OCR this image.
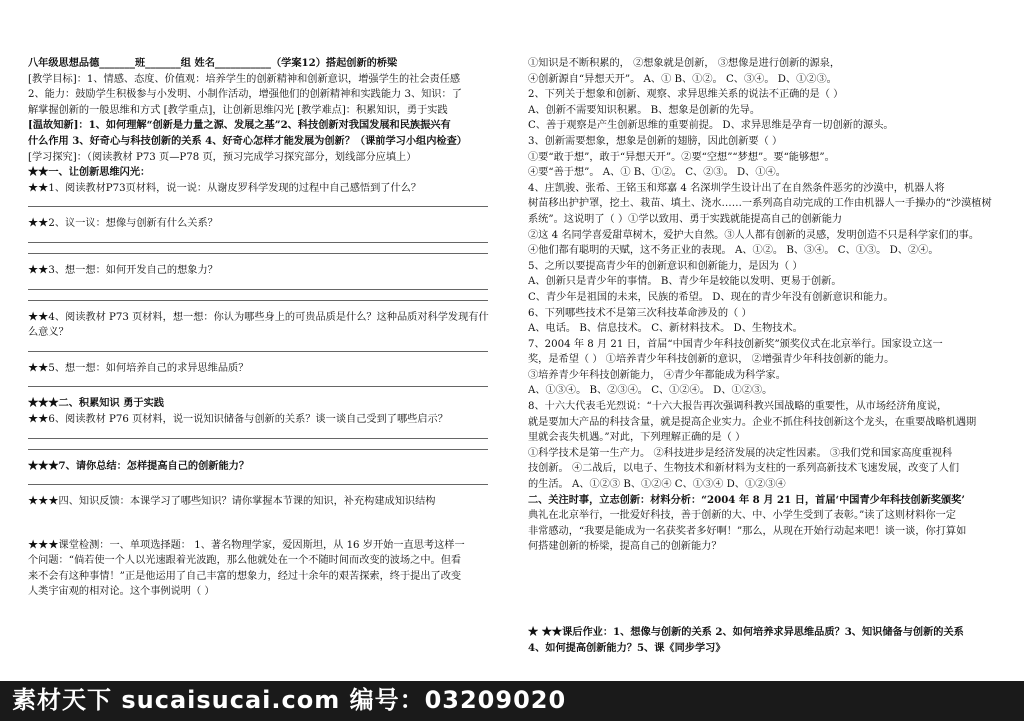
八年级思想品德_______班_______组 姓名___________（学案12）搭起创新的桥梁
[教学目标]：1、情感、态度、价值观：培养学生的创新精神和创新意识，增强学生的社会责任感
2、能力：鼓励学生积极参与小发明、小制作活动，增强他们的创新精神和实践能力 3、知识：了
解掌握创新的一般思维和方式 [教学重点]，让创新思维闪光 [教学难点]：积累知识，勇于实践
[温故知新]：1、如何理解“创新是力量之源、发展之基”2、科技创新对我国发展和民族振兴有
什么作用 3、好奇心与科技创新的关系 4、好奇心怎样才能发展为创新？（课前学习小组内检查）
[学习探究]：（阅读教材 P73 页—P78 页，预习完成学习探究部分，划线部分应填上）
★★一、让创新思维闪光：
★★1、阅读教材P73页材料，说一说：从谢皮罗科学发现的过程中自己感悟到了什么？
★★2、议一议：想像与创新有什么关系？
★★3、想一想：如何开发自己的想象力？
★★4、阅读教材 P73 页材料，想一想：你认为哪些身上的可贵品质是什么？这种品质对科学发现有什
么意义？
★★5、想一想：如何培养自己的求异思维品质？
★★★二、积累知识 勇于实践
★★6、阅读教材 P76 页材料，说一说知识储备与创新的关系？谈一谈自己受到了哪些启示？
★★★7、请你总结：怎样提高自己的创新能力？
★★★四、知识反馈：本课学习了哪些知识？请你掌握本节课的知识，补充构建成知识结构
★★★课堂检测：一、单项选择题： 1、著名物理学家，爱因斯坦，从 16 岁开始一直思考这样一
个问题：“倘若使一个人以光速跟着光波跑，那么他就处在一个不随时间而改变的波场之中。但看
来不会有这种事情！”正是他运用了自己丰富的想象力，经过十余年的艰苦探索，终于提出了改变
人类宇宙观的相对论。这个事例说明（ ）
①知识是不断积累的， ②想象就是创新， ③想像是进行创新的源泉，
④创新源自“异想天开”。 A、① B、①②。 C、③④。 D、①②③。
2、下列关于想象和创新、观察、求异思维关系的说法不正确的是（ ）
A、创新不需要知识积累。 B、想象是创新的先导。
C、善于观察是产生创新思维的重要前提。 D、求异思维是孕育一切创新的源头。
3、创新需要想象，想象是创新的翅膀，因此创新要（ ）
①要“敢于想”，敢于“异想天开”。②要“空想”“梦想”。要“能够想”。
④要“善于想”。 A、① B、①②。 C、②③。 D、①④。
4、庄凯骏、张希、王铭玉和郑嘉 4 名深圳学生设计出了在自然条件恶劣的沙漠中，机器人将
树苗移出护护罩，挖土、栽苗、填土、浇水……一系列高自动完成的工作由机器人一手操办的“沙漠植树
系统”。这说明了（ ）①学以致用、勇于实践就能提高自己的创新能力
②这 4 名同学喜爱甜草树木，爱护大自然。③人人都有创新的灵感，发明创造不只是科学家们的事。
④他们都有聪明的天赋，这不务正业的表现。 A、①②。 B、③④。 C、①③。 D、②④。
5、之所以要提高青少年的创新意识和创新能力，是因为（ ）
A、创新只是青少年的事情。 B、青少年是较能以发明、更易于创新。
C、青少年是祖国的未来，民族的希望。 D、现在的青少年没有创新意识和能力。
6、下列哪些技术不是第三次科技革命涉及的（ ）
A、电话。 B、信息技术。 C、新材料技术。 D、生物技术。
7、2004 年 8 月 21 日，首届“中国青少年科技创新奖”颁奖仪式在北京举行。国家设立这一
奖，是希望（ ） ①培养青少年科技创新的意识， ②增强青少年科技创新的能力。
③培养青少年科技创新能力， ④青少年都能成为科学家。
A、①③④。 B、②③④。 C、①②④。 D、①②③。
8、十六大代表毛光烈说：“十六大报告再次强调科教兴国战略的重要性，从市场经济角度说，
就是要加大产品的科技含量，就是提高企业实力。企业不抓住科技创新这个龙头，在重要战略机遇期
里就会丧失机遇。”对此，下列理解正确的是（ ）
①科学技术是第一生产力。 ②科技进步是经济发展的决定性因素。 ③我们党和国家高度重视科
技创新。 ④二战后，以电子、生物技术和新材料为支柱的一系列高新技术飞速发展，改变了人们
的生活。 A、①②③ B、①②④ C、①③④ D、①②③④
二、关注时事，立志创新：材料分析：“2004 年 8 月 21 日，首届‘中国青少年科技创新奖颁奖’
典礼在北京举行，一批爱好科技，善于创新的大、中、小学生受到了表彰。”读了这则材料你一定
非常感动，“我要是能成为一名获奖者多好啊！”那么，从现在开始行动起来吧！谈一谈，你打算如
何搭建创新的桥梁，提高自己的创新能力？
★ ★★课后作业：1、想像与创新的关系 2、如何培养求异思维品质？3、知识储备与创新的关系
4、如何提高创新能力？5、课《同步学习》
素材天下 sucaisucai.com 编号：03209020
